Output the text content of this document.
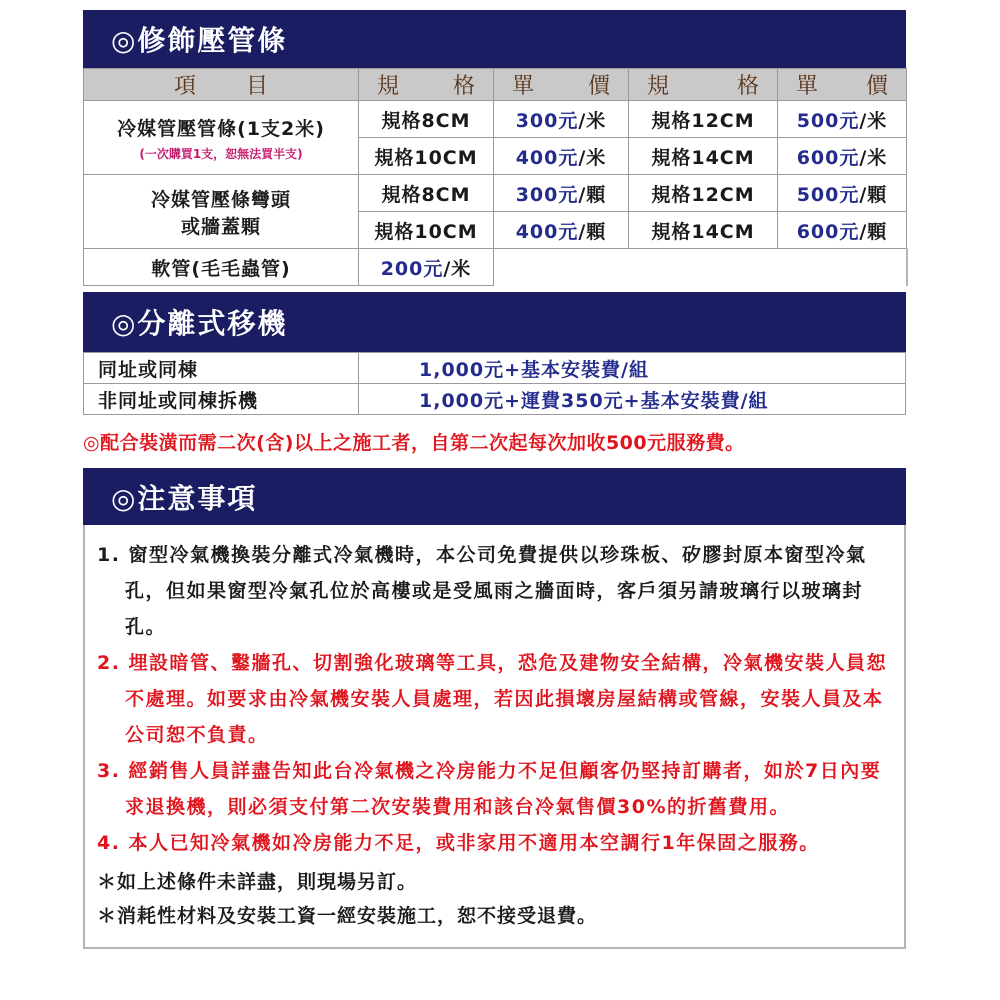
◎修飾壓管條
項 目	規 格	單 價	規 格	單 價

冷媒管壓管條(1支2米)
(一次購買1支，恕無法買半支)	規格8CM	300元/米	規格12CM	500元/米
	規格10CM	400元/米	規格14CM	600元/米

冷媒管壓條彎頭
或牆蓋顆	規格8CM	300元/顆	規格12CM	500元/顆
	規格10CM	400元/顆	規格14CM	600元/顆
軟管(毛毛蟲管)	200元/米			
◎分離式移機
同址或同棟	1,000元+基本安裝費/組
非同址或同棟拆機	1,000元+運費350元+基本安裝費/組
◎配合裝潢而需二次(含)以上之施工者，自第二次起每次加收500元服務費。
◎注意事項
1. 窗型冷氣機換裝分離式冷氣機時，本公司免費提供以珍珠板、矽膠封原本窗型冷氣孔，但如果窗型冷氣孔位於高樓或是受風雨之牆面時，客戶須另請玻璃行以玻璃封孔。
2. 埋設暗管、鑿牆孔、切割強化玻璃等工具，恐危及建物安全結構，冷氣機安裝人員恕不處理。如要求由冷氣機安裝人員處理，若因此損壞房屋結構或管線，安裝人員及本公司恕不負責。
3. 經銷售人員詳盡告知此台冷氣機之冷房能力不足但顧客仍堅持訂購者，如於7日內要求退換機，則必須支付第二次安裝費用和該台冷氣售價30%的折舊費用。
4. 本人已知冷氣機如冷房能力不足，或非家用不適用本空調行1年保固之服務。
＊如上述條件未詳盡，則現場另訂。
＊消耗性材料及安裝工資一經安裝施工，恕不接受退費。
